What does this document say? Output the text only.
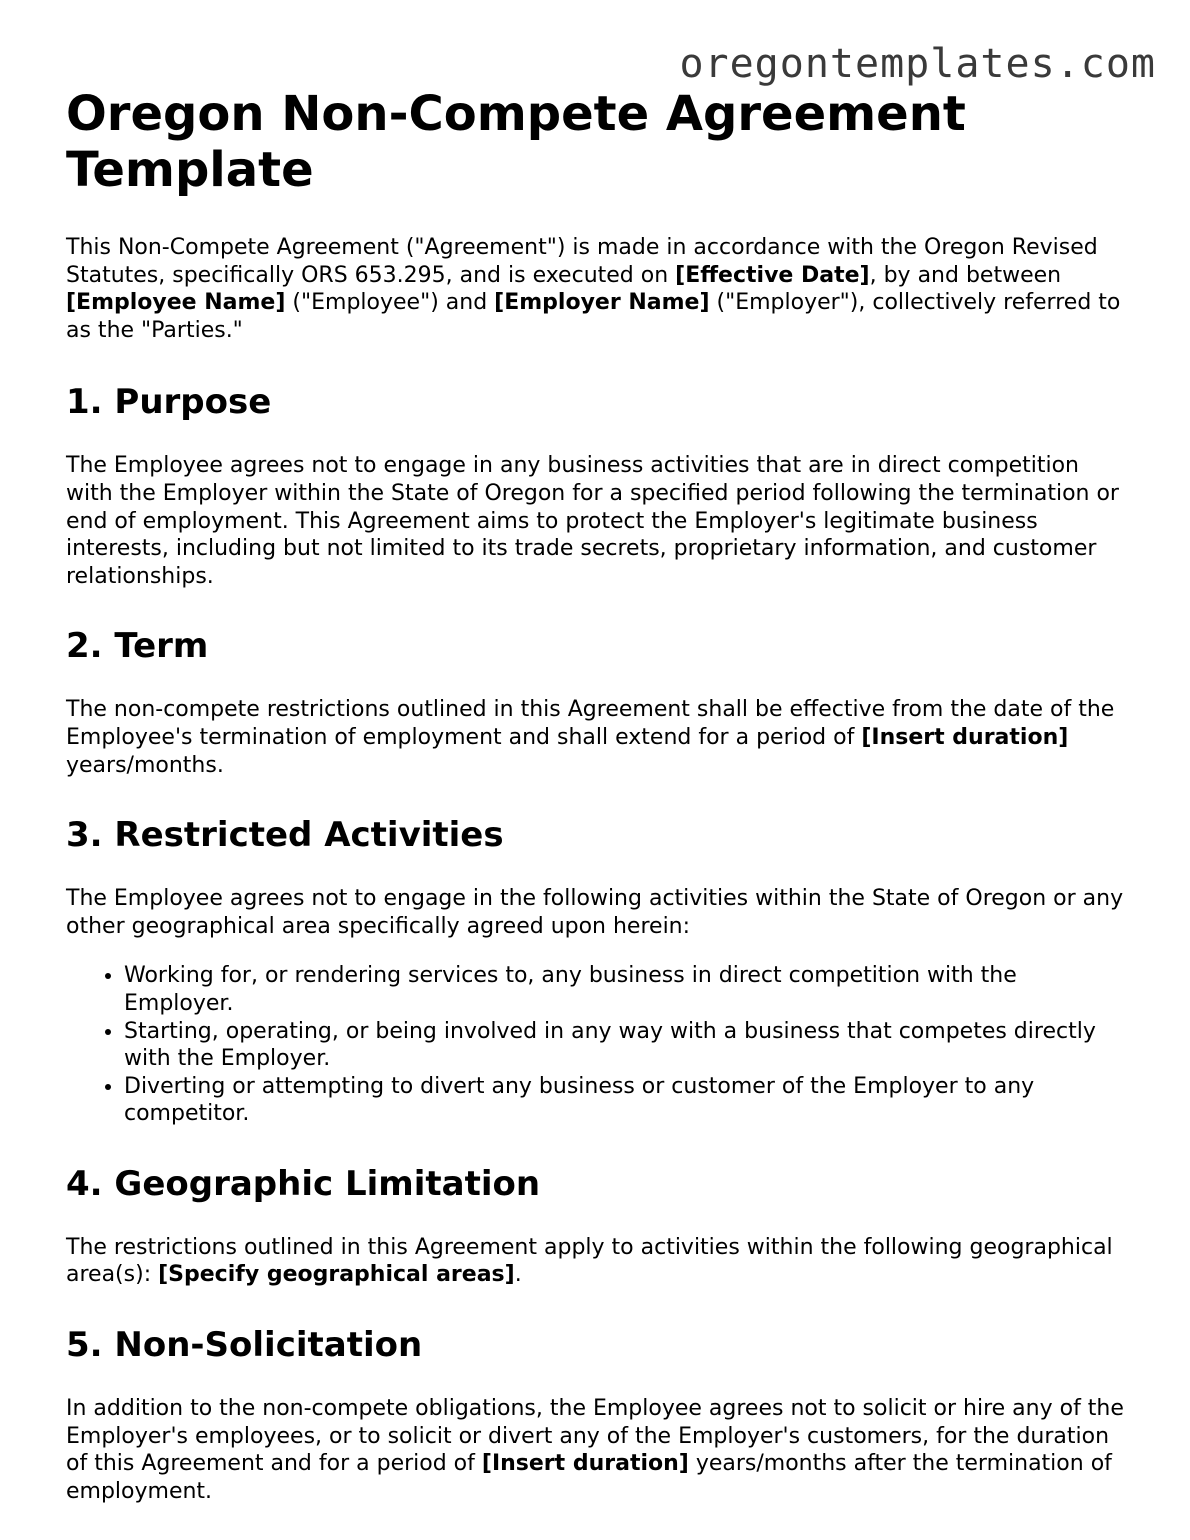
oregontemplates.com
Oregon Non-Compete Agreement Template

This Non-Compete Agreement ("Agreement") is made in accordance with the Oregon Revised Statutes, specifically ORS 653.295, and is executed on [Effective Date], by and between [Employee Name] ("Employee") and [Employer Name] ("Employer"), collectively referred to as the "Parties."

1. Purpose

The Employee agrees not to engage in any business activities that are in direct competition with the Employer within the State of Oregon for a specified period following the termination or end of employment. This Agreement aims to protect the Employer's legitimate business interests, including but not limited to its trade secrets, proprietary information, and customer relationships.

2. Term

The non-compete restrictions outlined in this Agreement shall be effective from the date of the Employee's termination of employment and shall extend for a period of [Insert duration] years/months.

3. Restricted Activities

The Employee agrees not to engage in the following activities within the State of Oregon or any other geographical area specifically agreed upon herein:

• Working for, or rendering services to, any business in direct competition with the Employer.
• Starting, operating, or being involved in any way with a business that competes directly with the Employer.
• Diverting or attempting to divert any business or customer of the Employer to any competitor.
4. Geographic Limitation

The restrictions outlined in this Agreement apply to activities within the following geographical area(s): [Specify geographical areas].

5. Non-Solicitation

In addition to the non-compete obligations, the Employee agrees not to solicit or hire any of the Employer's employees, or to solicit or divert any of the Employer's customers, for the duration of this Agreement and for a period of [Insert duration] years/months after the termination of employment.
